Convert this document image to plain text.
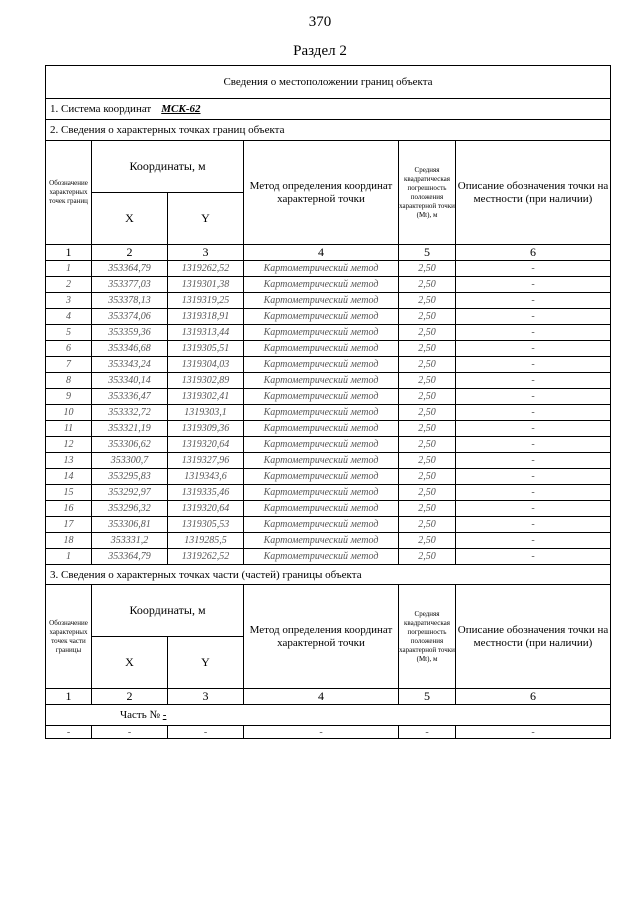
370
Раздел 2
Сведения о местоположении границ объекта					
1. Система координат МСК-62					
2. Сведения о характерных точках границ объекта					
Обозначение характерных точек границ	Координаты, м		Метод определения координат характерной точки	Средняя квадратическая погрешность положения характерной точки (Mt), м	Описание обозначения точки на местности (при наличии)
	X	Y			
1	2	3	4	5	6
1	353364,79	1319262,52	Картометрический метод	2,50	-
2	353377,03	1319301,38	Картометрический метод	2,50	-
3	353378,13	1319319,25	Картометрический метод	2,50	-
4	353374,06	1319318,91	Картометрический метод	2,50	-
5	353359,36	1319313,44	Картометрический метод	2,50	-
6	353346,68	1319305,51	Картометрический метод	2,50	-
7	353343,24	1319304,03	Картометрический метод	2,50	-
8	353340,14	1319302,89	Картометрический метод	2,50	-
9	353336,47	1319302,41	Картометрический метод	2,50	-
10	353332,72	1319303,1	Картометрический метод	2,50	-
11	353321,19	1319309,36	Картометрический метод	2,50	-
12	353306,62	1319320,64	Картометрический метод	2,50	-
13	353300,7	1319327,96	Картометрический метод	2,50	-
14	353295,83	1319343,6	Картометрический метод	2,50	-
15	353292,97	1319335,46	Картометрический метод	2,50	-
16	353296,32	1319320,64	Картометрический метод	2,50	-
17	353306,81	1319305,53	Картометрический метод	2,50	-
18	353331,2	1319285,5	Картометрический метод	2,50	-
1	353364,79	1319262,52	Картометрический метод	2,50	-
3. Сведения о характерных точках части (частей) границы объекта					
Обозначение характерных точек части границы	Координаты, м		Метод определения координат характерной точки	Средняя квадратическая погрешность положения характерной точки (Mt), м	Описание обозначения точки на местности (при наличии)
	X	Y			
1	2	3	4	5	6
Часть № -					
-	-	-	-	-	-
